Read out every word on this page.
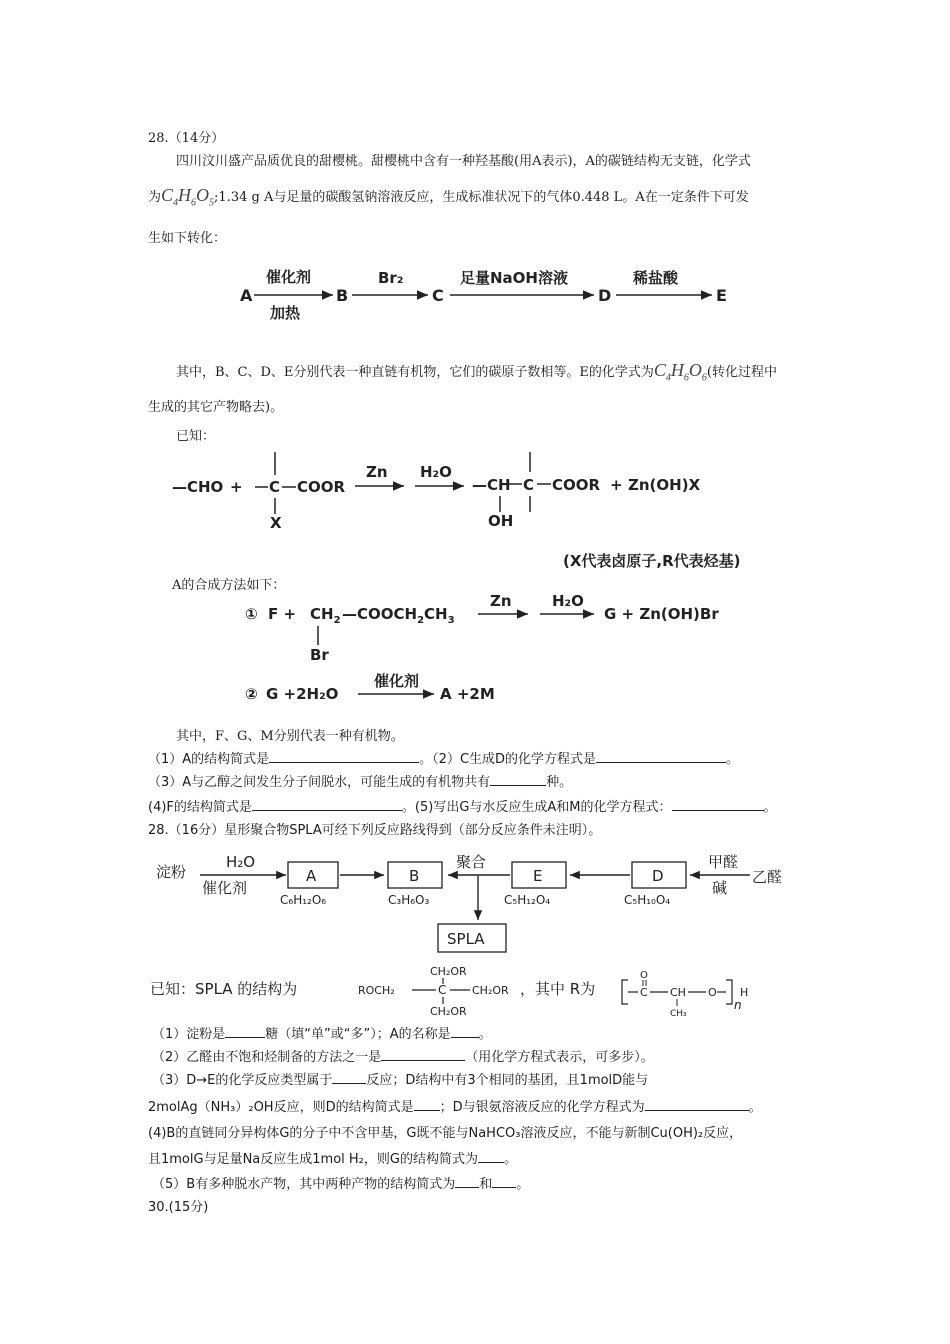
28.（14分）
四川汶川盛产品质优良的甜樱桃。甜樱桃中含有一种羟基酸(用A表示)，A的碳链结构无支链，化学式
为$C_4H_6O_5;1.34$ g A与足量的碳酸氢钠溶液反应，生成标准状况下的气体0.448 L。A在一定条件下可发
生如下转化：
A
催化剂
加热
B
Br₂
C
足量NaOH溶液
D
稀盐酸
E
—CHO + C COOR
X
Zn H₂O
—CH C COOR
OH
+ Zn(OH)X
(X代表卤原子,R代表烃基)
① $F + CH_2$ $—COOCH_2CH_3$
Br
Zn	H₂O
G + Zn(OH)Br
② G +2H₂O
催化剂
A +2M
淀粉
H₂O
催化剂
A
C₆H₁₂O₆
B
C₃H₆O₃
聚合
E
C₅H₁₂O₄
D
C₅H₁₀O₄
甲醛
碱
乙醛
SPLA
已知：SPLA 的结构为	ROCH₂	C
CH₂OR
CH₂OR
CH₂OR ，其中 R为	C
O
CH
CH₃
O
n
H
其中，B、C、D、E分别代表一种直链有机物，它们的碳原子数相等。E的化学式为$C_4H_6O_6$(转化过程中
生成的其它产物略去)。
已知：
A的合成方法如下：
其中，F、G、M分别代表一种有机物。
（1）A的结构简式是	。（2）C生成D的化学方程式是	。
（3）A与乙醇之间发生分子间脱水，可能生成的有机物共有	种。
(4)F的结构简式是	。(5)写出G与水反应生成A和M的化学方程式：	。
28.（16分）星形聚合物SPLA可经下列反应路线得到（部分反应条件未注明）。
（1）淀粉是	糖（填“单”或“多”）；A的名称是 。
（2）乙醛由不饱和烃制备的方法之一是	（用化学方程式表示，可多步）。
（3）D→E的化学反应类型属于	反应；D结构中有3个相同的基团，且1molD能与
2molAg（NH₃）₂OH反应，则D的结构简式是 ；D与银氨溶液反应的化学方程式为	。
(4)B的直链同分异构体G的分子中不含甲基，G既不能与NaHCO₃溶液反应，不能与新制Cu(OH)₂反应，
且1molG与足量Na反应生成1mol H₂，则G的结构简式为 。
（5）B有多种脱水产物，其中两种产物的结构简式为 和 。
30.(15分)
